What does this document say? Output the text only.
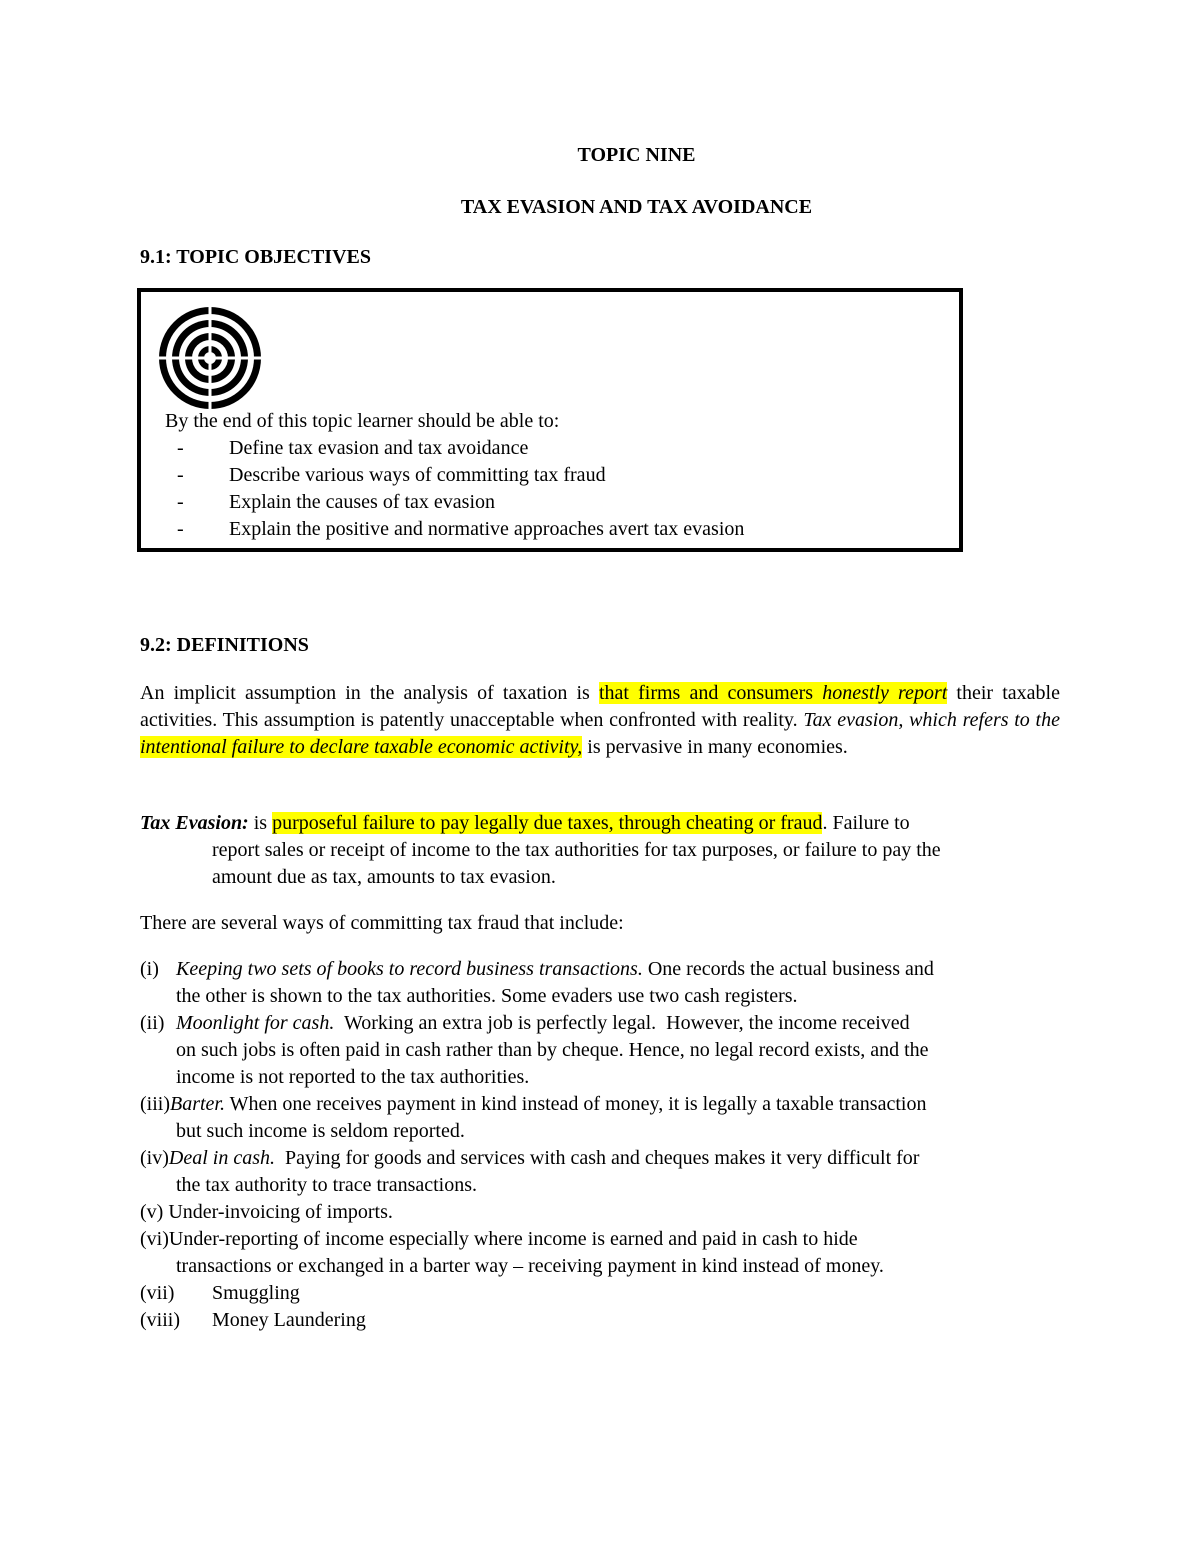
TOPIC NINE
TAX EVASION AND TAX AVOIDANCE
9.1: TOPIC OBJECTIVES
By the end of this topic learner should be able to:
- Define tax evasion and tax avoidance
- Describe various ways of committing tax fraud
- Explain the causes of tax evasion
- Explain the positive and normative approaches avert tax evasion
9.2: DEFINITIONS
An implicit assumption in the analysis of taxation is that firms and consumers honestly report their taxable activities. This assumption is patently unacceptable when confronted with reality. Tax evasion, which refers to the intentional failure to declare taxable economic activity, is pervasive in many economies.
Tax Evasion: is purposeful failure to pay legally due taxes, through cheating or fraud. Failure to
report sales or receipt of income to the tax authorities for tax purposes, or failure to pay the
amount due as tax, amounts to tax evasion.
There are several ways of committing tax fraud that include:
(i) Keeping two sets of books to record business transactions. One records the actual business and
the other is shown to the tax authorities. Some evaders use two cash registers.
(ii) Moonlight for cash.  Working an extra job is perfectly legal.  However, the income received
on such jobs is often paid in cash rather than by cheque. Hence, no legal record exists, and the
income is not reported to the tax authorities.
(iii)Barter. When one receives payment in kind instead of money, it is legally a taxable transaction
but such income is seldom reported.
(iv)Deal in cash.  Paying for goods and services with cash and cheques makes it very difficult for
the tax authority to trace transactions.
(v) Under-invoicing of imports.
(vi)Under-reporting of income especially where income is earned and paid in cash to hide
transactions or exchanged in a barter way – receiving payment in kind instead of money.
(vii) Smuggling
(viii) Money Laundering
